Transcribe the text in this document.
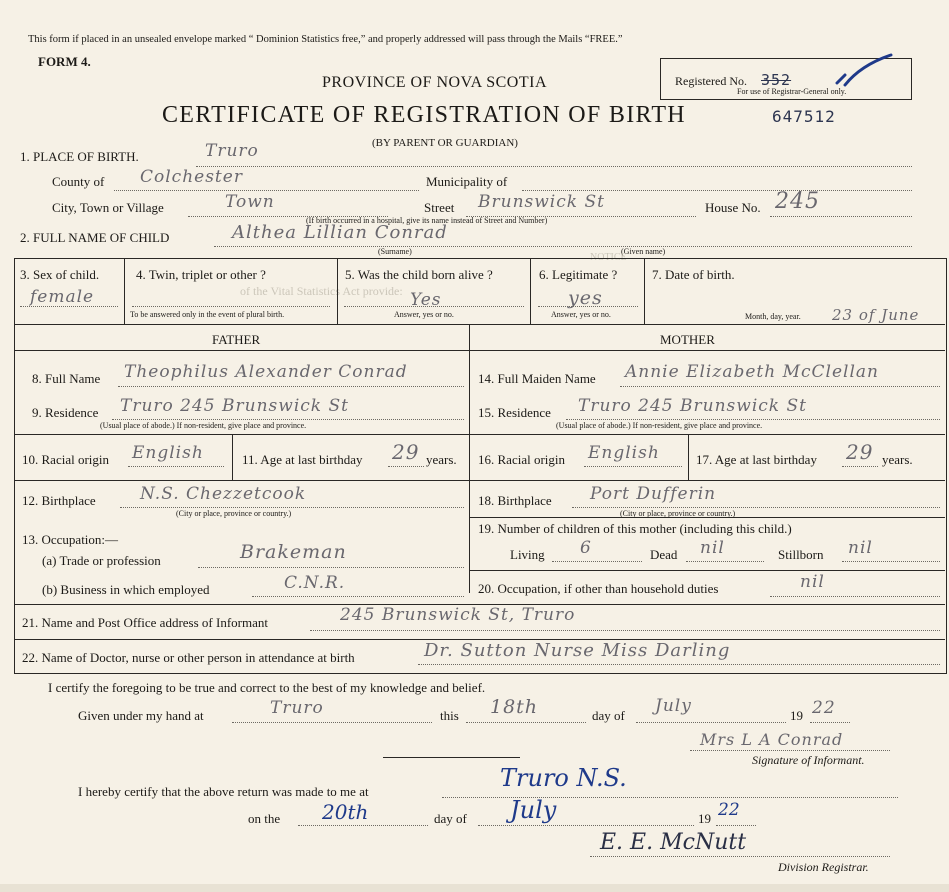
This form if placed in an unsealed envelope marked “ Dominion Statistics free,” and properly addressed will pass through the Mails “FREE.”
FORM 4.
PROVINCE OF NOVA SCOTIA
CERTIFICATE OF REGISTRATION OF BIRTH	647512
(BY PARENT OR GUARDIAN)
Registered No. 352
For use of Registrar-General only.
1. PLACE OF BIRTH.	Truro
County of Colchester	Municipality of
City, Town or Village	Town	Street Brunswick St	House No. 245
(If birth occurred in a hospital, give its name instead of Street and Number)
2. FULL NAME OF CHILD	Althea Lillian Conrad
(Surname)	(Given name)
NOTICE
of the Vital Statistics Act provide:
3. Sex of child.
female
4. Twin, triplet or other ?
To be answered only in the event of plural birth.
5. Was the child born alive ?
Yes
Answer, yes or no.
6. Legitimate ?
yes
Answer, yes or no.
7. Date of birth.
Month, day, year. 23 of June
FATHER	MOTHER
8. Full Name Theophilus Alexander Conrad
9. Residence Truro 245 Brunswick St
(Usual place of abode.) If non-resident, give place and province.
10. Racial origin English	11. Age at last birthday 29 years.
12. Birthplace	N.S. Chezzetcook
(City or place, province or country.)
13. Occupation:—
(a) Trade or profession	Brakeman
(b) Business in which employed	C.N.R.
14. Full Maiden Name Annie Elizabeth McClellan
15. Residence Truro 245 Brunswick St
(Usual place of abode.) If non-resident, give place and province.
16. Racial origin English	17. Age at last birthday 29 years.
18. Birthplace Port Dufferin
(City or place, province or country.)
19. Number of children of this mother (including this child.)
Living 6	Dead nil	Stillborn nil
20. Occupation, if other than household duties	nil
21. Name and Post Office address of Informant	245 Brunswick St, Truro
22. Name of Doctor, nurse or other person in attendance at birth	Dr. Sutton Nurse Miss Darling
I certify the foregoing to be true and correct to the best of my knowledge and belief.
Given under my hand at	Truro	this 18th	day of July	19 22
Mrs L A Conrad
Signature of Informant.
I hereby certify that the above return was made to me at	Truro N.S.
on the 20th	day of July	19 22
E. E. McNutt
Division Registrar.
